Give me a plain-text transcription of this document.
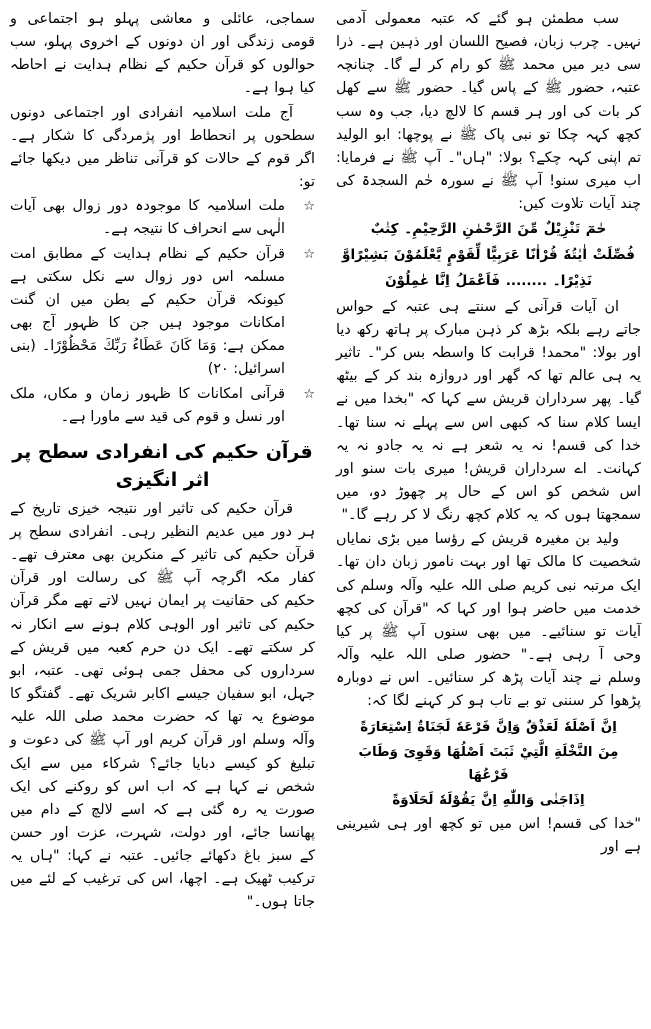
سب مطمئن ہو گئے کہ عتبہ معمولی آدمی نہیں۔ چرب زبان، فصیح اللسان اور ذہین ہے۔ ذرا سی دیر میں محمد ﷺ کو رام کر لے گا۔ چنانچہ عتبہ، حضور ﷺ کے پاس گیا۔ حضور ﷺ سے کھل کر بات کی اور ہر قسم کا لالچ دیا، جب وہ سب کچھ کہہ چکا تو نبی پاک ﷺ نے پوچھا: ابو الولید تم اپنی کہہ چکے؟ بولا: "ہاں"۔ آپ ﷺ نے فرمایا: اب میری سنو! آپ ﷺ نے سورہ حٰم السجدۃ کی چند آیات تلاوت کیں:

حٰمٓ تَنْزِيْلٌ مِّنَ الرَّحْمٰنِ الرَّحِيْمِ۔ كِتٰبٌ

فُصِّلَتْ اٰيٰتُهٗ قُرْاٰنًا عَرَبِيًّا لِّقَوْمٍ يَّعْلَمُوْنَ بَشِيْرًاوَّ

نَذِيْرًا۔ ........ فَاَعْمَلُ اِنَّا عٰمِلُوْنَ

ان آیات قرآنی کے سنتے ہی عتبہ کے حواس جاتے رہے بلکہ بڑھ کر ذہن مبارک پر ہاتھ رکھ دیا اور بولا: "محمد! قرابت کا واسطہ بس کر"۔ تاثیر یہ ہی عالم تھا کہ گھر اور دروازہ بند کر کے بیٹھ گیا۔ پھر سرداران قریش سے کہا کہ "بخدا میں نے ایسا کلام سنا کہ کبھی اس سے پہلے نہ سنا تھا۔ خدا کی قسم! نہ یہ شعر ہے نہ یہ جادو نہ یہ کہانت۔ اے سرداران قریش! میری بات سنو اور اس شخص کو اس کے حال پر چھوڑ دو، میں سمجھتا ہوں کہ یہ کلام کچھ رنگ لا کر رہے گا۔"

ولید بن مغیرہ قریش کے رؤسا میں بڑی نمایاں شخصیت کا مالک تھا اور بہت نامور زبان دان تھا۔ ایک مرتبہ نبی کریم صلی اللہ علیہ وآلہ وسلم کی خدمت میں حاضر ہوا اور کہا کہ "قرآن کی کچھ آیات تو سنائیے۔ میں بھی سنوں آپ ﷺ پر کیا وحی آ رہی ہے۔" حضور صلی اللہ علیہ وآلہ وسلم نے چند آیات پڑھ کر سنائیں۔ اس نے دوبارہ پڑھوا کر سننی تو بے تاب ہو کر کہنے لگا کہ:

اِنَّ اَصْلَهٗ لَعَذْقٌ وَاِنَّ فَرْعَهٗ لَجَنَاةٌ اِسْتِعَارَةً

مِنَ النَّخْلَةِ الَّتِيْ ثَبَتَ اَصْلُهَا وَقَوِىَ وَطَابَ فَرْعُهَا

اِذَاجَنٰى وَاللّٰهِ اِنَّ يَقُوْلَهٗ لَحَلَاوَةً

"خدا کی قسم! اس میں تو کچھ اور ہی شیرینی ہے اور

سماجی، عائلی و معاشی پہلو ہو اجتماعی و قومی زندگی اور ان دونوں کے اخروی پہلو، سب حوالوں کو قرآن حکیم کے نظام ہدایت نے احاطہ کیا ہوا ہے۔

آج ملت اسلامیہ انفرادی اور اجتماعی دونوں سطحوں پر انحطاط اور پژمردگی کا شکار ہے۔ اگر قوم کے حالات کو قرآنی تناظر میں دیکھا جائے تو:

☆
ملت اسلامیہ کا موجودہ دور زوال بھی آیات الٰہی سے انحراف کا نتیجہ ہے۔
☆
قرآن حکیم کے نظام ہدایت کے مطابق امت مسلمہ اس دور زوال سے نکل سکتی ہے کیونکہ قرآن حکیم کے بطن میں ان گنت امکانات موجود ہیں جن کا ظہور آج بھی ممکن ہے: وَمَا كَانَ عَطَاءُ رَبِّكَ مَحْظُوْرًا۔ (بنی اسرائیل: ۲۰)
☆
قرآنی امکانات کا ظہور زمان و مکاں، ملک اور نسل و قوم کی قید سے ماورا ہے۔
قرآن حکیم کی انفرادی سطح پر اثر انگیزی

قرآن حکیم کی تاثیر اور نتیجہ خیزی تاریخ کے ہر دور میں عدیم النظیر رہی۔ انفرادی سطح پر قرآن حکیم کی تاثیر کے منکرین بھی معترف تھے۔ کفار مکہ اگرچہ آپ ﷺ کی رسالت اور قرآن حکیم کی حقانیت پر ایمان نہیں لاتے تھے مگر قرآن حکیم کی تاثیر اور الوہی کلام ہونے سے انکار نہ کر سکتے تھے۔ ایک دن حرم کعبہ میں قریش کے سرداروں کی محفل جمی ہوئی تھی۔ عتبہ، ابو جہل، ابو سفیان جیسے اکابر شریک تھے۔ گفتگو کا موضوع یہ تھا کہ حضرت محمد صلی اللہ علیہ وآلہ وسلم اور قرآن کریم اور آپ ﷺ کی دعوت و تبلیغ کو کیسے دبایا جائے؟ شرکاء میں سے ایک شخص نے کہا ہے کہ اب اس کو روکنے کی ایک صورت یہ رہ گئی ہے کہ اسے لالچ کے دام میں پھانسا جائے، اور دولت، شہرت، عزت اور حسن کے سبز باغ دکھائے جائیں۔ عتبہ نے کہا: "ہاں یہ ترکیب ٹھیک ہے۔ اچھا، اس کی ترغیب کے لئے میں جاتا ہوں۔"
